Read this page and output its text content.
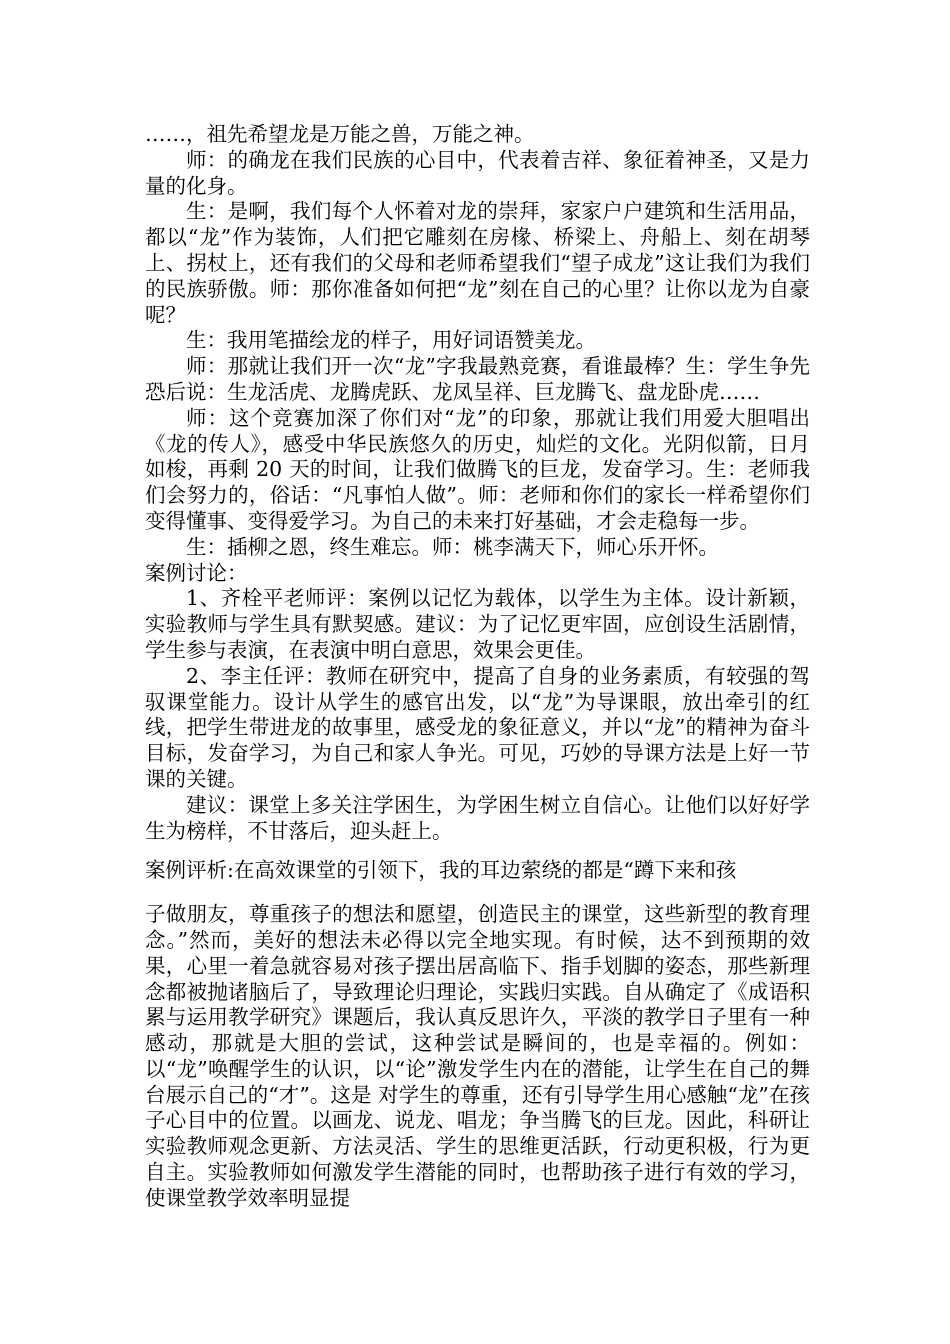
……，祖先希望龙是万能之兽，万能之神。

师：的确龙在我们民族的心目中，代表着吉祥、象征着神圣，又是力量的化身。

生：是啊，我们每个人怀着对龙的崇拜，家家户户建筑和生活用品，都以“龙”作为装饰，人们把它雕刻在房椽、桥梁上、舟船上、刻在胡琴上、拐杖上，还有我们的父母和老师希望我们“望子成龙”这让我们为我们的民族骄傲。师：那你准备如何把“龙”刻在自己的心里？让你以龙为自豪呢？

生：我用笔描绘龙的样子，用好词语赞美龙。

师：那就让我们开一次“龙”字我最熟竞赛，看谁最棒？生：学生争先恐后说：生龙活虎、龙腾虎跃、龙凤呈祥、巨龙腾飞、盘龙卧虎……

师：这个竞赛加深了你们对“龙”的印象，那就让我们用爱大胆唱出《龙的传人》，感受中华民族悠久的历史，灿烂的文化。光阴似箭，日月如梭，再剩 20 天的时间，让我们做腾飞的巨龙，发奋学习。生：老师我们会努力的，俗话：“凡事怕人做”。师：老师和你们的家长一样希望你们变得懂事、变得爱学习。为自己的未来打好基础，才会走稳每一步。

生：插柳之恩，终生难忘。师：桃李满天下，师心乐开怀。

案例讨论：

1、齐栓平老师评：案例以记忆为载体，以学生为主体。设计新颖，实验教师与学生具有默契感。建议：为了记忆更牢固，应创设生活剧情，学生参与表演，在表演中明白意思，效果会更佳。

2、李主任评：教师在研究中，提高了自身的业务素质，有较强的驾驭课堂能力。设计从学生的感官出发，以“龙”为导课眼，放出牵引的红线，把学生带进龙的故事里，感受龙的象征意义，并以“龙”的精神为奋斗目标，发奋学习，为自己和家人争光。可见，巧妙的导课方法是上好一节课的关键。

建议：课堂上多关注学困生，为学困生树立自信心。让他们以好好学生为榜样，不甘落后，迎头赶上。

案例评析:在高效课堂的引领下，我的耳边萦绕的都是“蹲下来和孩
子做朋友，尊重孩子的想法和愿望，创造民主的课堂，这些新型的教育理念。”然而，美好的想法未必得以完全地实现。有时候，达不到预期的效果，心里一着急就容易对孩子摆出居高临下、指手划脚的姿态，那些新理念都被抛诸脑后了，导致理论归理论，实践归实践。自从确定了《成语积累与运用教学研究》课题后，我认真反思许久，平淡的教学日子里有一种感动，那就是大胆的尝试，这种尝试是瞬间的，也是幸福的。例如：以“龙”唤醒学生的认识，以“论”激发学生内在的潜能，让学生在自己的舞台展示自己的“才”。这是 对学生的尊重，还有引导学生用心感触“龙”在孩子心目中的位置。以画龙、说龙、唱龙；争当腾飞的巨龙。因此，科研让实验教师观念更新、方法灵活、学生的思维更活跃，行动更积极，行为更自主。实验教师如何激发学生潜能的同时，也帮助孩子进行有效的学习，使课堂教学效率明显提
